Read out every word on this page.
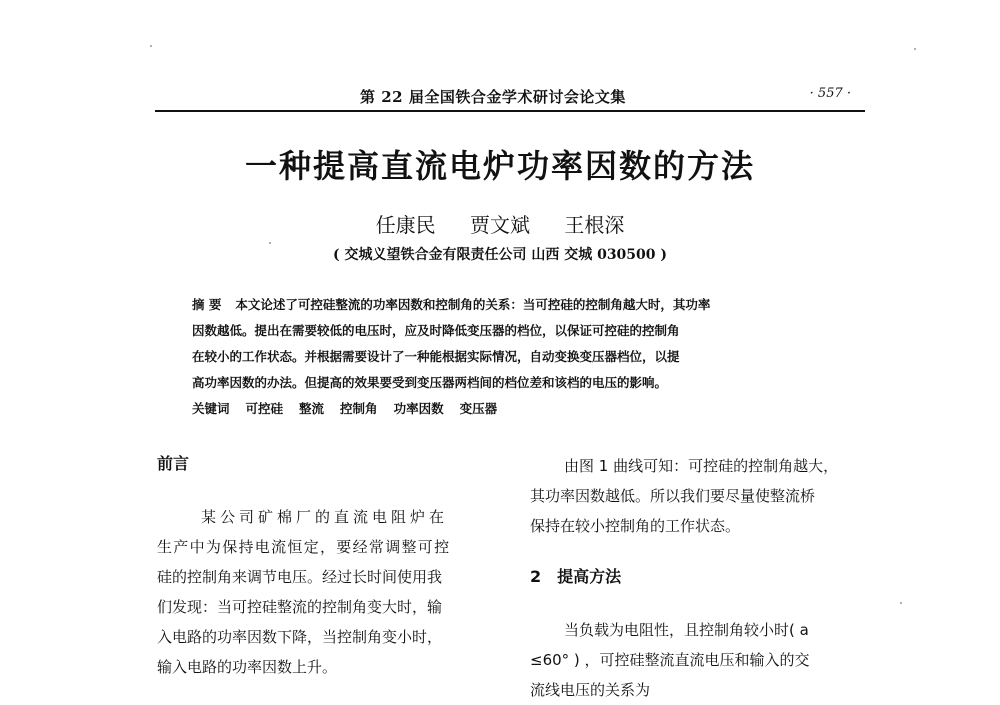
第 22 届全国铁合金学术研讨会论文集	· 557 ·
一种提高直流电炉功率因数的方法
任康民 贾文斌 王根深
( 交城义望铁合金有限责任公司 山西 交城 030500 )
摘 要 本文论述了可控硅整流的功率因数和控制角的关系：当可控硅的控制角越大时，其功率
因数越低。提出在需要较低的电压时，应及时降低变压器的档位，以保证可控硅的控制角
在较小的工作状态。并根据需要设计了一种能根据实际情况，自动变换变压器档位，以提
高功率因数的办法。但提高的效果要受到变压器两档间的档位差和该档的电压的影响。
关键词 可控硅 整流 控制角 功率因数 变压器
前言
某公司矿棉厂的直流电阻炉在
生产中为保持电流恒定，要经常调整可控
硅的控制角来调节电压。经过长时间使用我
们发现：当可控硅整流的控制角变大时，输
入电路的功率因数下降，当控制角变小时，
输入电路的功率因数上升。
由图 1 曲线可知：可控硅的控制角越大，
其功率因数越低。所以我们要尽量使整流桥
保持在较小控制角的工作状态。
2 提高方法
当负载为电阻性，且控制角较小时( a
≤60° ) ，可控硅整流直流电压和输入的交
流线电压的关系为
